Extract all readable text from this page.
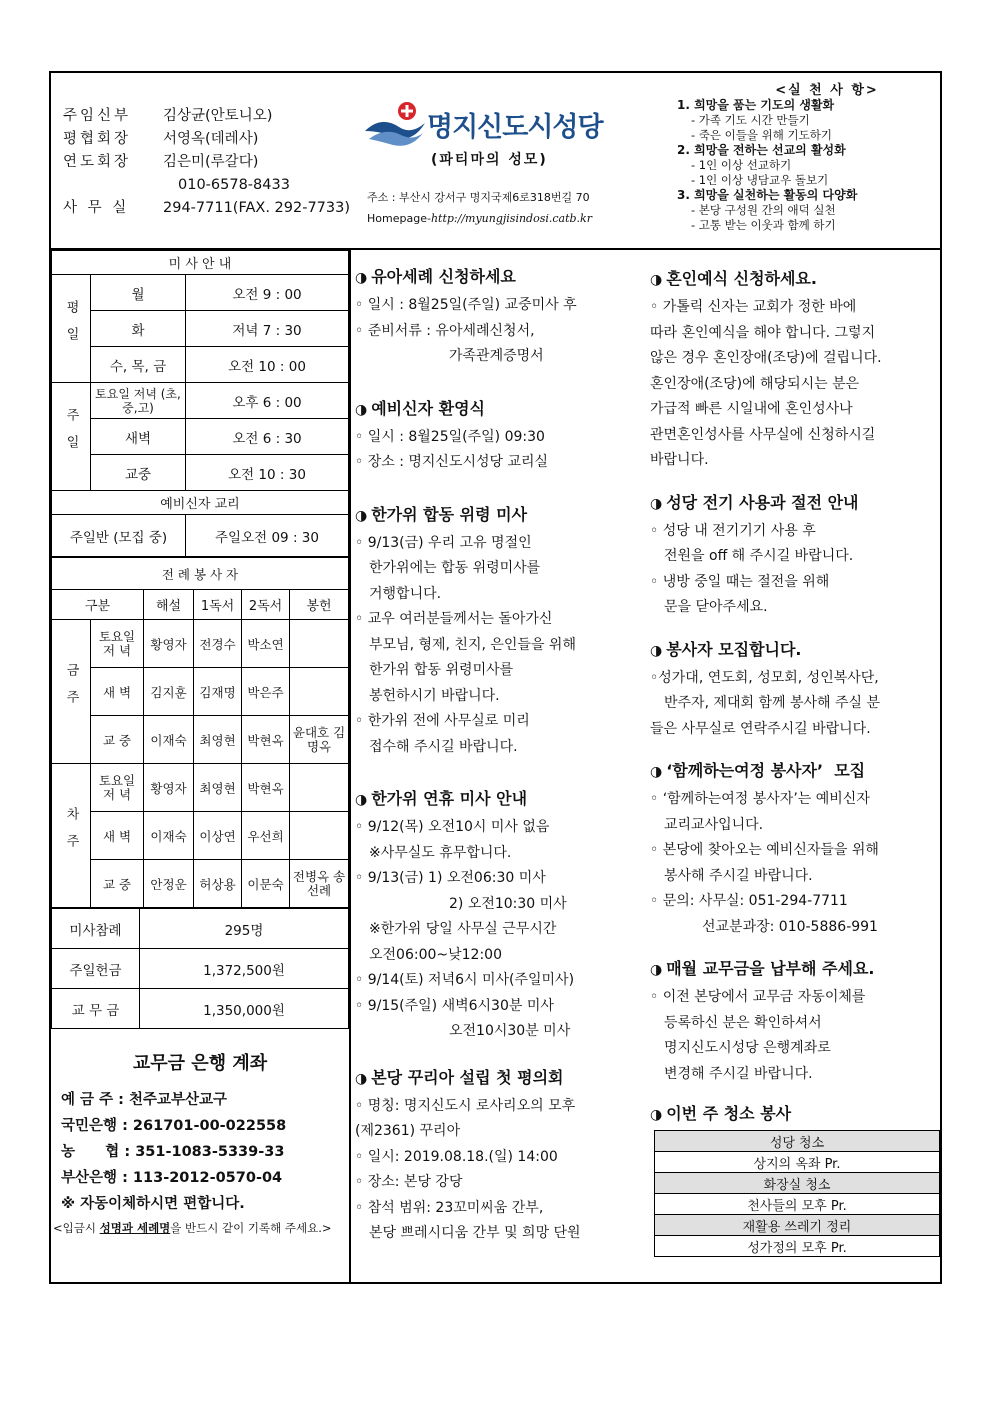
주임신부 김상균(안토니오)
평협회장 서영옥(데레사)
연도회장 김은미(루갈다)
010-6578-8433
사 무 실 294-7711(FAX. 292-7733)
명지신도시성당
(파티마의 성모)
주소 : 부산시 강서구 명지국제6로318번길 70
Homepage-http://myungjisindosi.catb.kr
<실 천 사 항>
1. 희망을 품는 기도의 생활화
- 가족 기도 시간 만들기
- 죽은 이들을 위해 기도하기
2. 희망을 전하는 선교의 활성화
- 1인 이상 선교하기
- 1인 이상 냉담교우 돌보기
3. 희망을 실천하는 활동의 다양화
- 본당 구성원 간의 애덕 실천
- 고통 받는 이웃과 함께 하기
미 사 안 내		
평일	월	오전 9 : 00
	화	저녁 7 : 30
	수, 목, 금	오전 10 : 00
주일	토요일 저녁 (초,중,고)	오후 6 : 00
	새벽	오전 6 : 30
	교중	오전 10 : 30
예비신자 교리		
주일반 (모집 중)		주일오전 09 : 30
전 례 봉 사 자					
구분		해설	1독서	2독서	봉헌
금주	토요일 저 녁	황영자	전경수	박소연	
	새 벽	김지훈	김재명	박은주	
	교 중	이재숙	최영현	박현옥	윤대호 김명옥
차주	토요일 저 녁	황영자	최영현	박현옥	
	새 벽	이재숙	이상연	우선희	
	교 중	안정운	허상용	이문숙	전병옥 송선례
미사참례	295명
주일헌금	1,372,500원
교 무 금	1,350,000원
교무금 은행 계좌
예 금 주 : 천주교부산교구
국민은행 : 261701-00-022558
농      협 : 351-1083-5339-33
부산은행 : 113-2012-0570-04
※ 자동이체하시면 편합니다.
<입금시 성명과 세례명을 반드시 같이 기록해 주세요.>
◑ 유아세례 신청하세요
◦ 일시 : 8월25일(주일) 교중미사 후
◦ 준비서류 : 유아세례신청서,
가족관계증명서
◑ 예비신자 환영식
◦ 일시 : 8월25일(주일) 09:30
◦ 장소 : 명지신도시성당 교리실
◑ 한가위 합동 위령 미사
◦ 9/13(금) 우리 고유 명절인
한가위에는 합동 위령미사를
거행합니다.
◦ 교우 여러분들께서는 돌아가신
부모님, 형제, 친지, 은인들을 위해
한가위 합동 위령미사를
봉헌하시기 바랍니다.
◦ 한가위 전에 사무실로 미리
접수해 주시길 바랍니다.
◑ 한가위 연휴 미사 안내
◦ 9/12(목) 오전10시 미사 없음
※사무실도 휴무합니다.
◦ 9/13(금) 1) 오전06:30 미사
2) 오전10:30 미사
※한가위 당일 사무실 근무시간
오전06:00~낮12:00
◦ 9/14(토) 저녁6시 미사(주일미사)
◦ 9/15(주일) 새벽6시30분 미사
오전10시30분 미사
◑ 본당 꾸리아 설립 첫 평의회
◦ 명칭: 명지신도시 로사리오의 모후
(제2361) 꾸리아
◦ 일시: 2019.08.18.(일) 14:00
◦ 장소: 본당 강당
◦ 참석 범위: 23꼬미씨움 간부,
본당 쁘레시디움 간부 및 희망 단원
◑ 혼인예식 신청하세요.
◦ 가톨릭 신자는 교회가 정한 바에
따라 혼인예식을 해야 합니다. 그렇지
않은 경우 혼인장애(조당)에 걸립니다.
혼인장애(조당)에 해당되시는 분은
가급적 빠른 시일내에 혼인성사나
관면혼인성사를 사무실에 신청하시길
바랍니다.
◑ 성당 전기 사용과 절전 안내
◦ 성당 내 전기기기 사용 후
전원을 off 해 주시길 바랍니다.
◦ 냉방 중일 때는 절전을 위해
문을 닫아주세요.
◑ 봉사자 모집합니다.
◦성가대, 연도회, 성모회, 성인복사단,
반주자, 제대회 함께 봉사해 주실 분
들은 사무실로 연락주시길 바랍니다.
◑ ‘함께하는여정 봉사자’  모집
◦ ‘함께하는여정 봉사자’는 예비신자
교리교사입니다.
◦ 본당에 찾아오는 예비신자들을 위해
봉사해 주시길 바랍니다.
◦ 문의: 사무실: 051-294-7711
선교분과장: 010-5886-991
◑ 매월 교무금을 납부해 주세요.
◦ 이전 본당에서 교무금 자동이체를
등록하신 분은 확인하셔서
명지신도시성당 은행계좌로
변경해 주시길 바랍니다.
◑ 이번 주 청소 봉사
성당 청소
상지의 옥좌 Pr.
화장실 청소
천사들의 모후 Pr.
재활용 쓰레기 정리
성가정의 모후 Pr.
